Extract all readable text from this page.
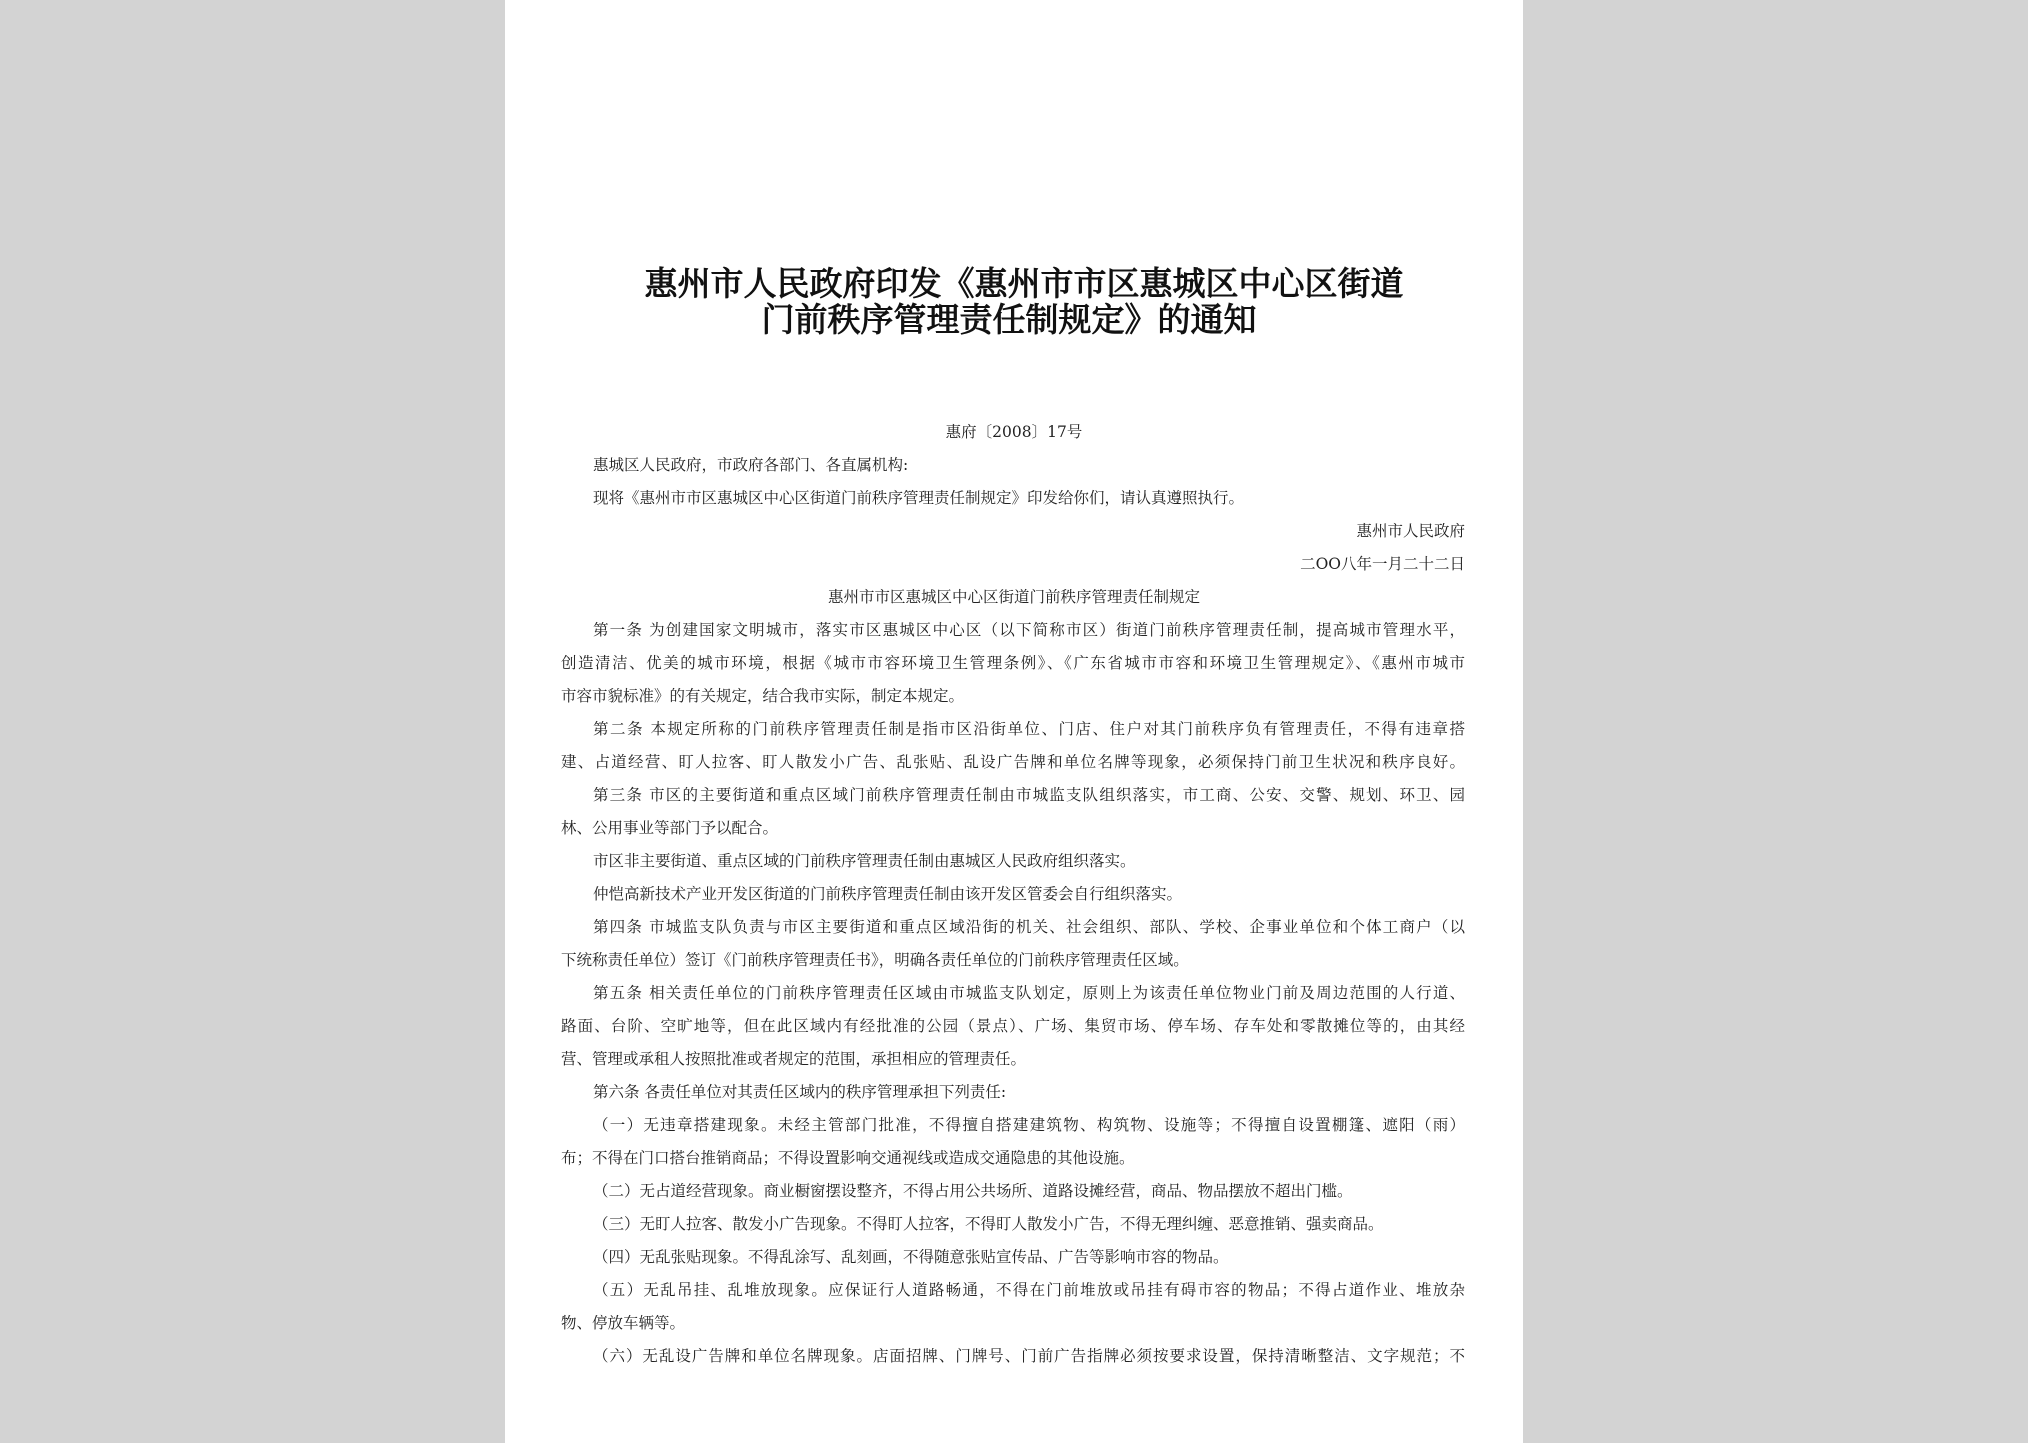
惠州市人民政府印发《惠州市市区惠城区中心区街道
门前秩序管理责任制规定》的通知
惠府〔2008〕17号
惠城区人民政府，市政府各部门、各直属机构:
现将《惠州市市区惠城区中心区街道门前秩序管理责任制规定》印发给你们，请认真遵照执行。
惠州市人民政府
二OO八年一月二十二日
惠州市市区惠城区中心区街道门前秩序管理责任制规定
第一条 为创建国家文明城市，落实市区惠城区中心区（以下简称市区）街道门前秩序管理责任制，提高城市管理水平，
创造清洁、优美的城市环境，根据《城市市容环境卫生管理条例》、《广东省城市市容和环境卫生管理规定》、《惠州市城市
市容市貌标准》的有关规定，结合我市实际，制定本规定。
第二条 本规定所称的门前秩序管理责任制是指市区沿街单位、门店、住户对其门前秩序负有管理责任，不得有违章搭
建、占道经营、盯人拉客、盯人散发小广告、乱张贴、乱设广告牌和单位名牌等现象，必须保持门前卫生状况和秩序良好。
第三条 市区的主要街道和重点区域门前秩序管理责任制由市城监支队组织落实，市工商、公安、交警、规划、环卫、园
林、公用事业等部门予以配合。
市区非主要街道、重点区域的门前秩序管理责任制由惠城区人民政府组织落实。
仲恺高新技术产业开发区街道的门前秩序管理责任制由该开发区管委会自行组织落实。
第四条 市城监支队负责与市区主要街道和重点区域沿街的机关、社会组织、部队、学校、企事业单位和个体工商户（以
下统称责任单位）签订《门前秩序管理责任书》，明确各责任单位的门前秩序管理责任区域。
第五条 相关责任单位的门前秩序管理责任区域由市城监支队划定，原则上为该责任单位物业门前及周边范围的人行道、
路面、台阶、空旷地等，但在此区域内有经批准的公园（景点）、广场、集贸市场、停车场、存车处和零散摊位等的，由其经
营、管理或承租人按照批准或者规定的范围，承担相应的管理责任。
第六条 各责任单位对其责任区域内的秩序管理承担下列责任:
（一）无违章搭建现象。未经主管部门批准，不得擅自搭建建筑物、构筑物、设施等；不得擅自设置棚篷、遮阳（雨）
布；不得在门口搭台推销商品；不得设置影响交通视线或造成交通隐患的其他设施。
（二）无占道经营现象。商业橱窗摆设整齐，不得占用公共场所、道路设摊经营，商品、物品摆放不超出门槛。
（三）无盯人拉客、散发小广告现象。不得盯人拉客，不得盯人散发小广告，不得无理纠缠、恶意推销、强卖商品。
（四）无乱张贴现象。不得乱涂写、乱刻画，不得随意张贴宣传品、广告等影响市容的物品。
（五）无乱吊挂、乱堆放现象。应保证行人道路畅通，不得在门前堆放或吊挂有碍市容的物品；不得占道作业、堆放杂
物、停放车辆等。
（六）无乱设广告牌和单位名牌现象。店面招牌、门牌号、门前广告指牌必须按要求设置，保持清晰整洁、文字规范；不
